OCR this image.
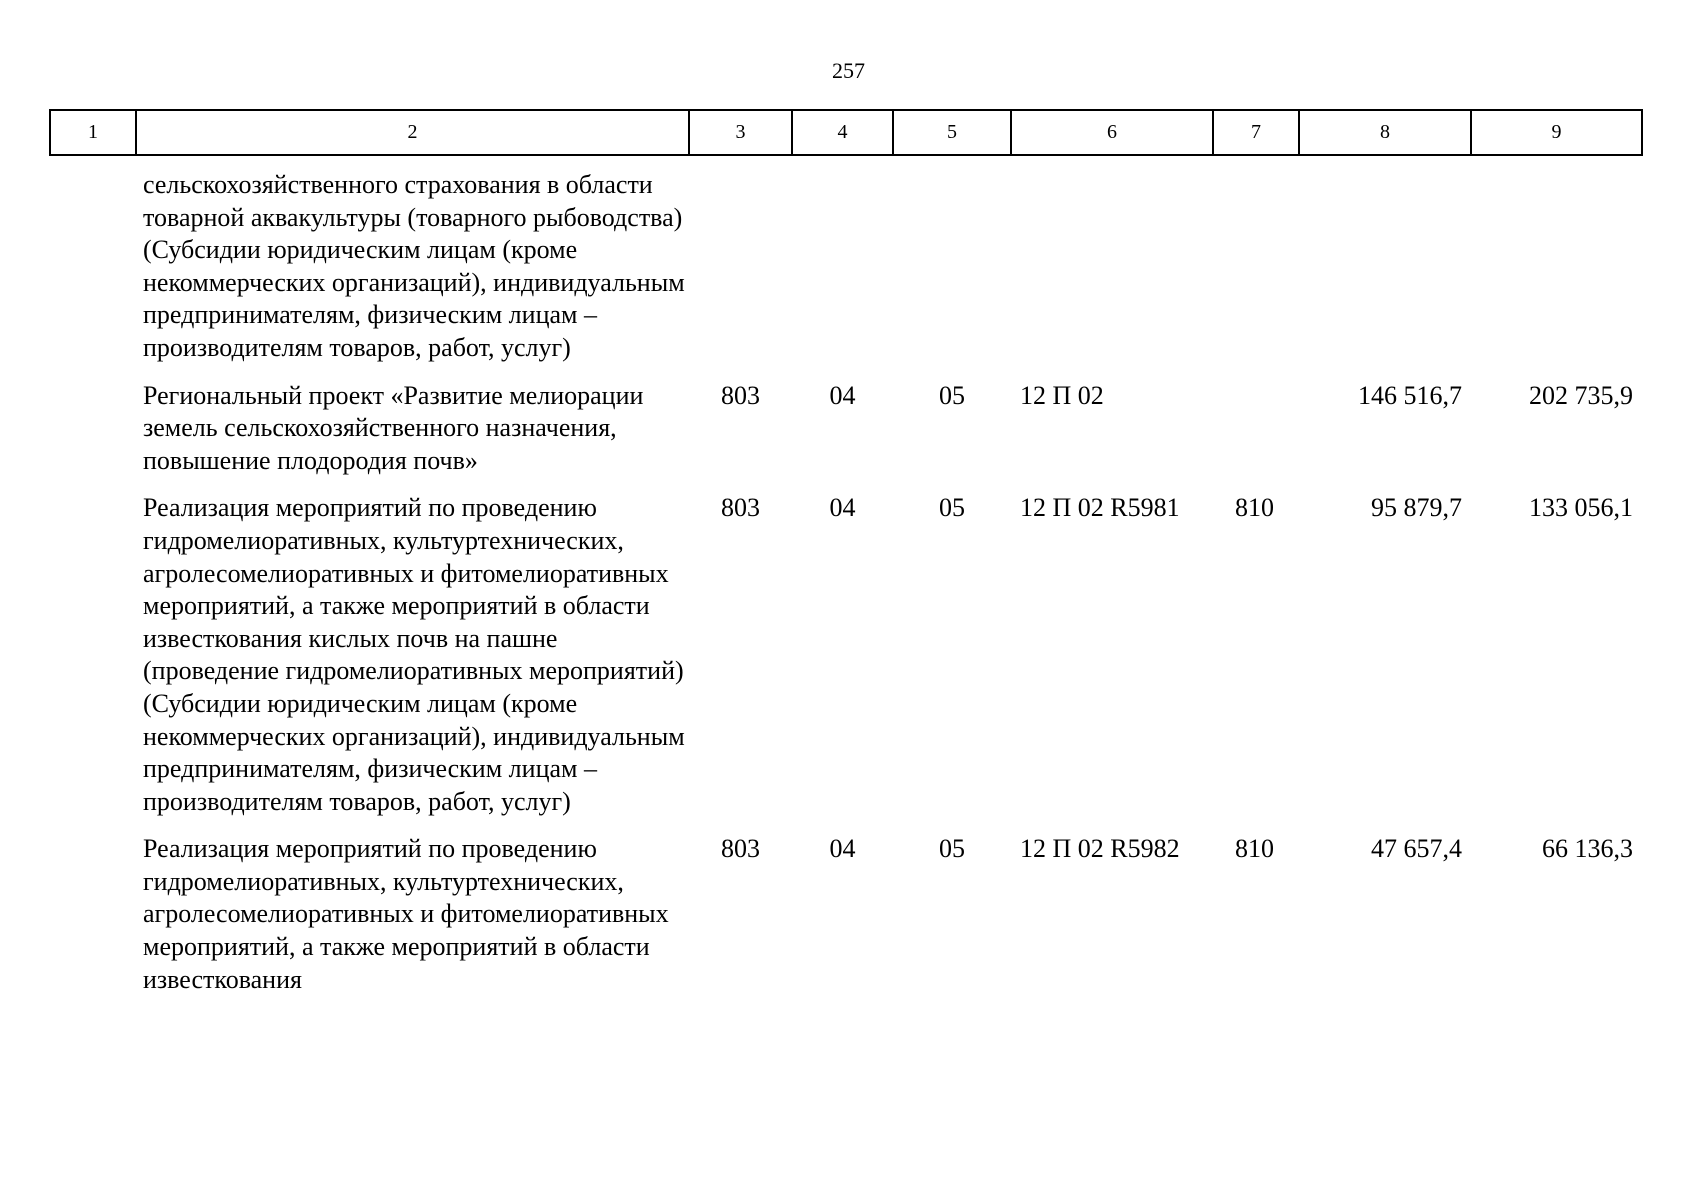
257
1	2	3	4	5	6	7	8	9
сельскохозяйственного страхования в области товарной аквакультуры (товарного рыбоводства) (Субсидии юридическим лицам (кроме некоммерческих организаций), индивидуальным предпринимателям, физическим лицам – производителям товаров, работ, услуг)								
Региональный проект «Развитие мелиорации земель сельскохозяйственного назначения, повышение плодородия почв»		803	04	05	12 П 02		146 516,7	202 735,9
Реализация мероприятий по проведению гидромелиоративных, культуртехнических, агролесомелиоративных и фитомелиоративных мероприятий, а также мероприятий в области известкования кислых почв на пашне (проведение гидромелиоративных мероприятий) (Субсидии юридическим лицам (кроме некоммерческих организаций), индивидуальным предпринимателям, физическим лицам – производителям товаров, работ, услуг)		803	04	05	12 П 02 R5981	810	95 879,7	133 056,1
Реализация мероприятий по проведению гидромелиоративных, культуртехнических, агролесомелиоративных и фитомелиоративных мероприятий, а также мероприятий в области известкования		803	04	05	12 П 02 R5982	810	47 657,4	66 136,3
